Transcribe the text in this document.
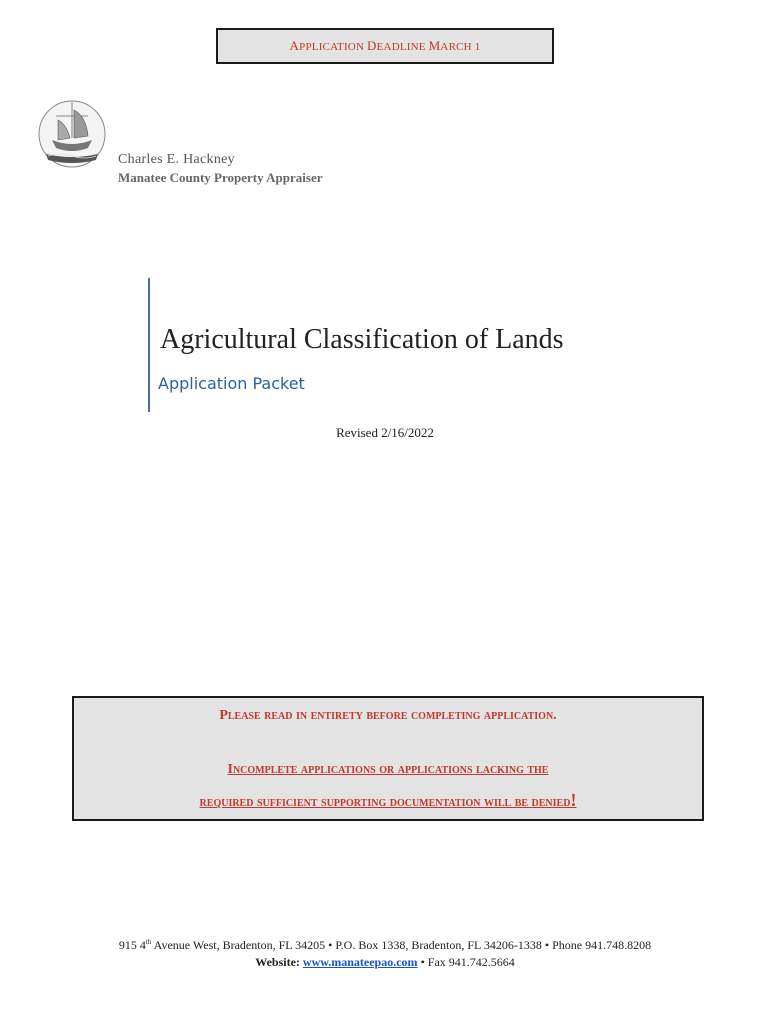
APPLICATION DEADLINE MARCH 1
Charles E. Hackney
Manatee County Property Appraiser
Agricultural Classification of Lands
Application Packet
Revised 2/16/2022
Please read in entirety before completing application.
Incomplete applications or applications lacking the
required sufficient supporting documentation will be denied!
915 4th Avenue West, Bradenton, FL 34205 • P.O. Box 1338, Bradenton, FL 34206-1338 • Phone 941.748.8208
Website: www.manateepao.com • Fax 941.742.5664
